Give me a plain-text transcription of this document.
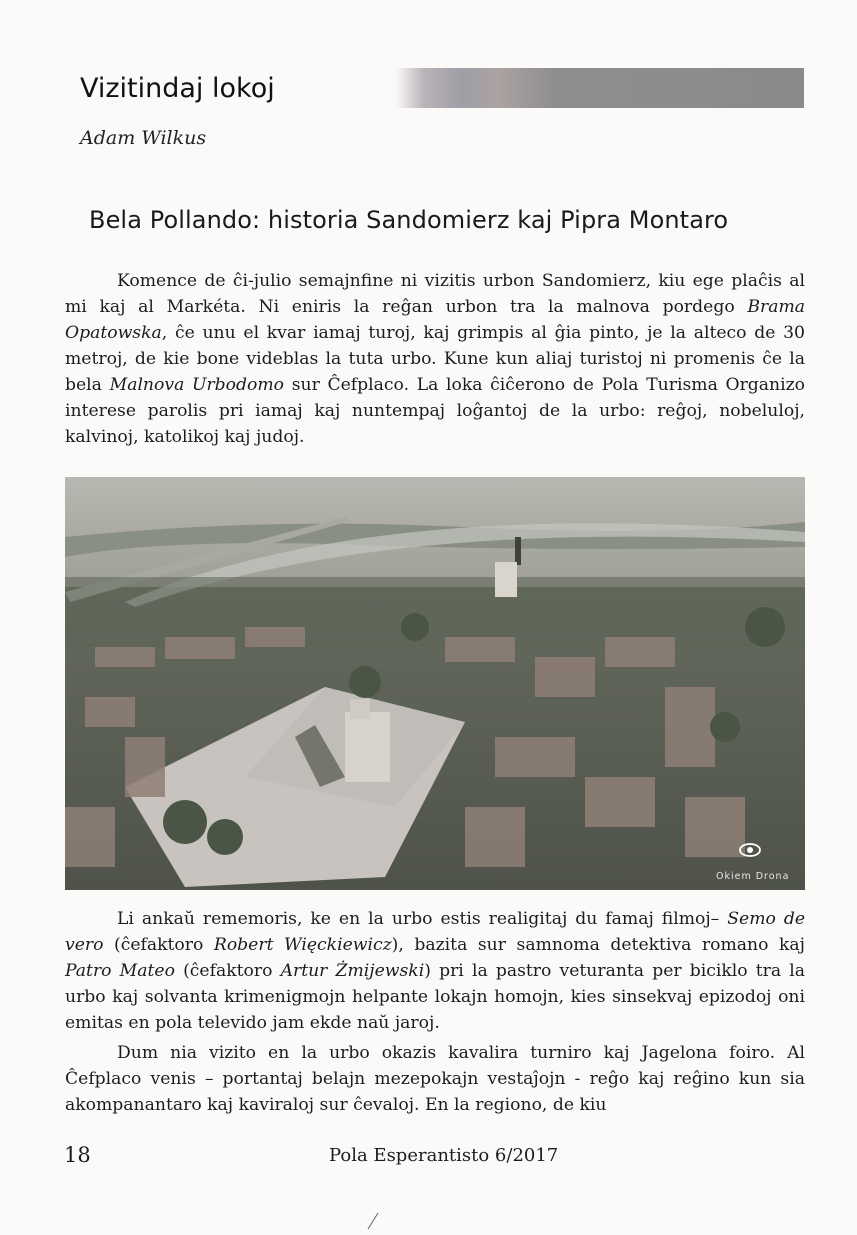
Vizitindaj lokoj

Adam Wilkus

Bela Pollando: historia Sandomierz kaj Pipra Montaro

Komence de ĉi-julio semajnfine ni vizitis urbon Sandomierz, kiu ege plaĉis al mi kaj al Markéta. Ni eniris la reĝan urbon tra la malnova pordego Brama Opatowska, ĉe unu el kvar iamaj turoj, kaj grimpis al ĝia pinto, je la alteco de 30 metroj, de kie bone videblas la tuta urbo. Kune kun aliaj turistoj ni promenis ĉe la bela Malnova Urbodomo sur Ĉefplaco. La loka ĉiĉerono de Pola Turisma Organizo interese parolis pri iamaj kaj nuntempaj loĝantoj de la urbo: reĝoj, nobeluloj, kalvinoj, katolikoj kaj judoj.

Okiem Drona

Li ankaŭ rememoris, ke en la urbo estis realigitaj du famaj filmoj– Semo de vero (ĉefaktoro Robert Więckiewicz), bazita sur samnoma detektiva romano kaj Patro Mateo (ĉefaktoro Artur Żmijewski) pri la pastro veturanta per biciklo tra la urbo kaj solvanta krimenigmojn helpante lokajn homojn, kies sinsekvaj epizodoj oni emitas en pola televido jam ekde naŭ jaroj.

Dum nia vizito en la urbo okazis kavalira turniro kaj Jagelona foiro. Al Ĉefplaco venis – portantaj belajn mezepokajn vestaĵojn - reĝo kaj reĝino kun sia akompanantaro kaj kaviraloj sur ĉevaloj. En la regiono, de kiu

18	Pola Esperantisto 6/2017
